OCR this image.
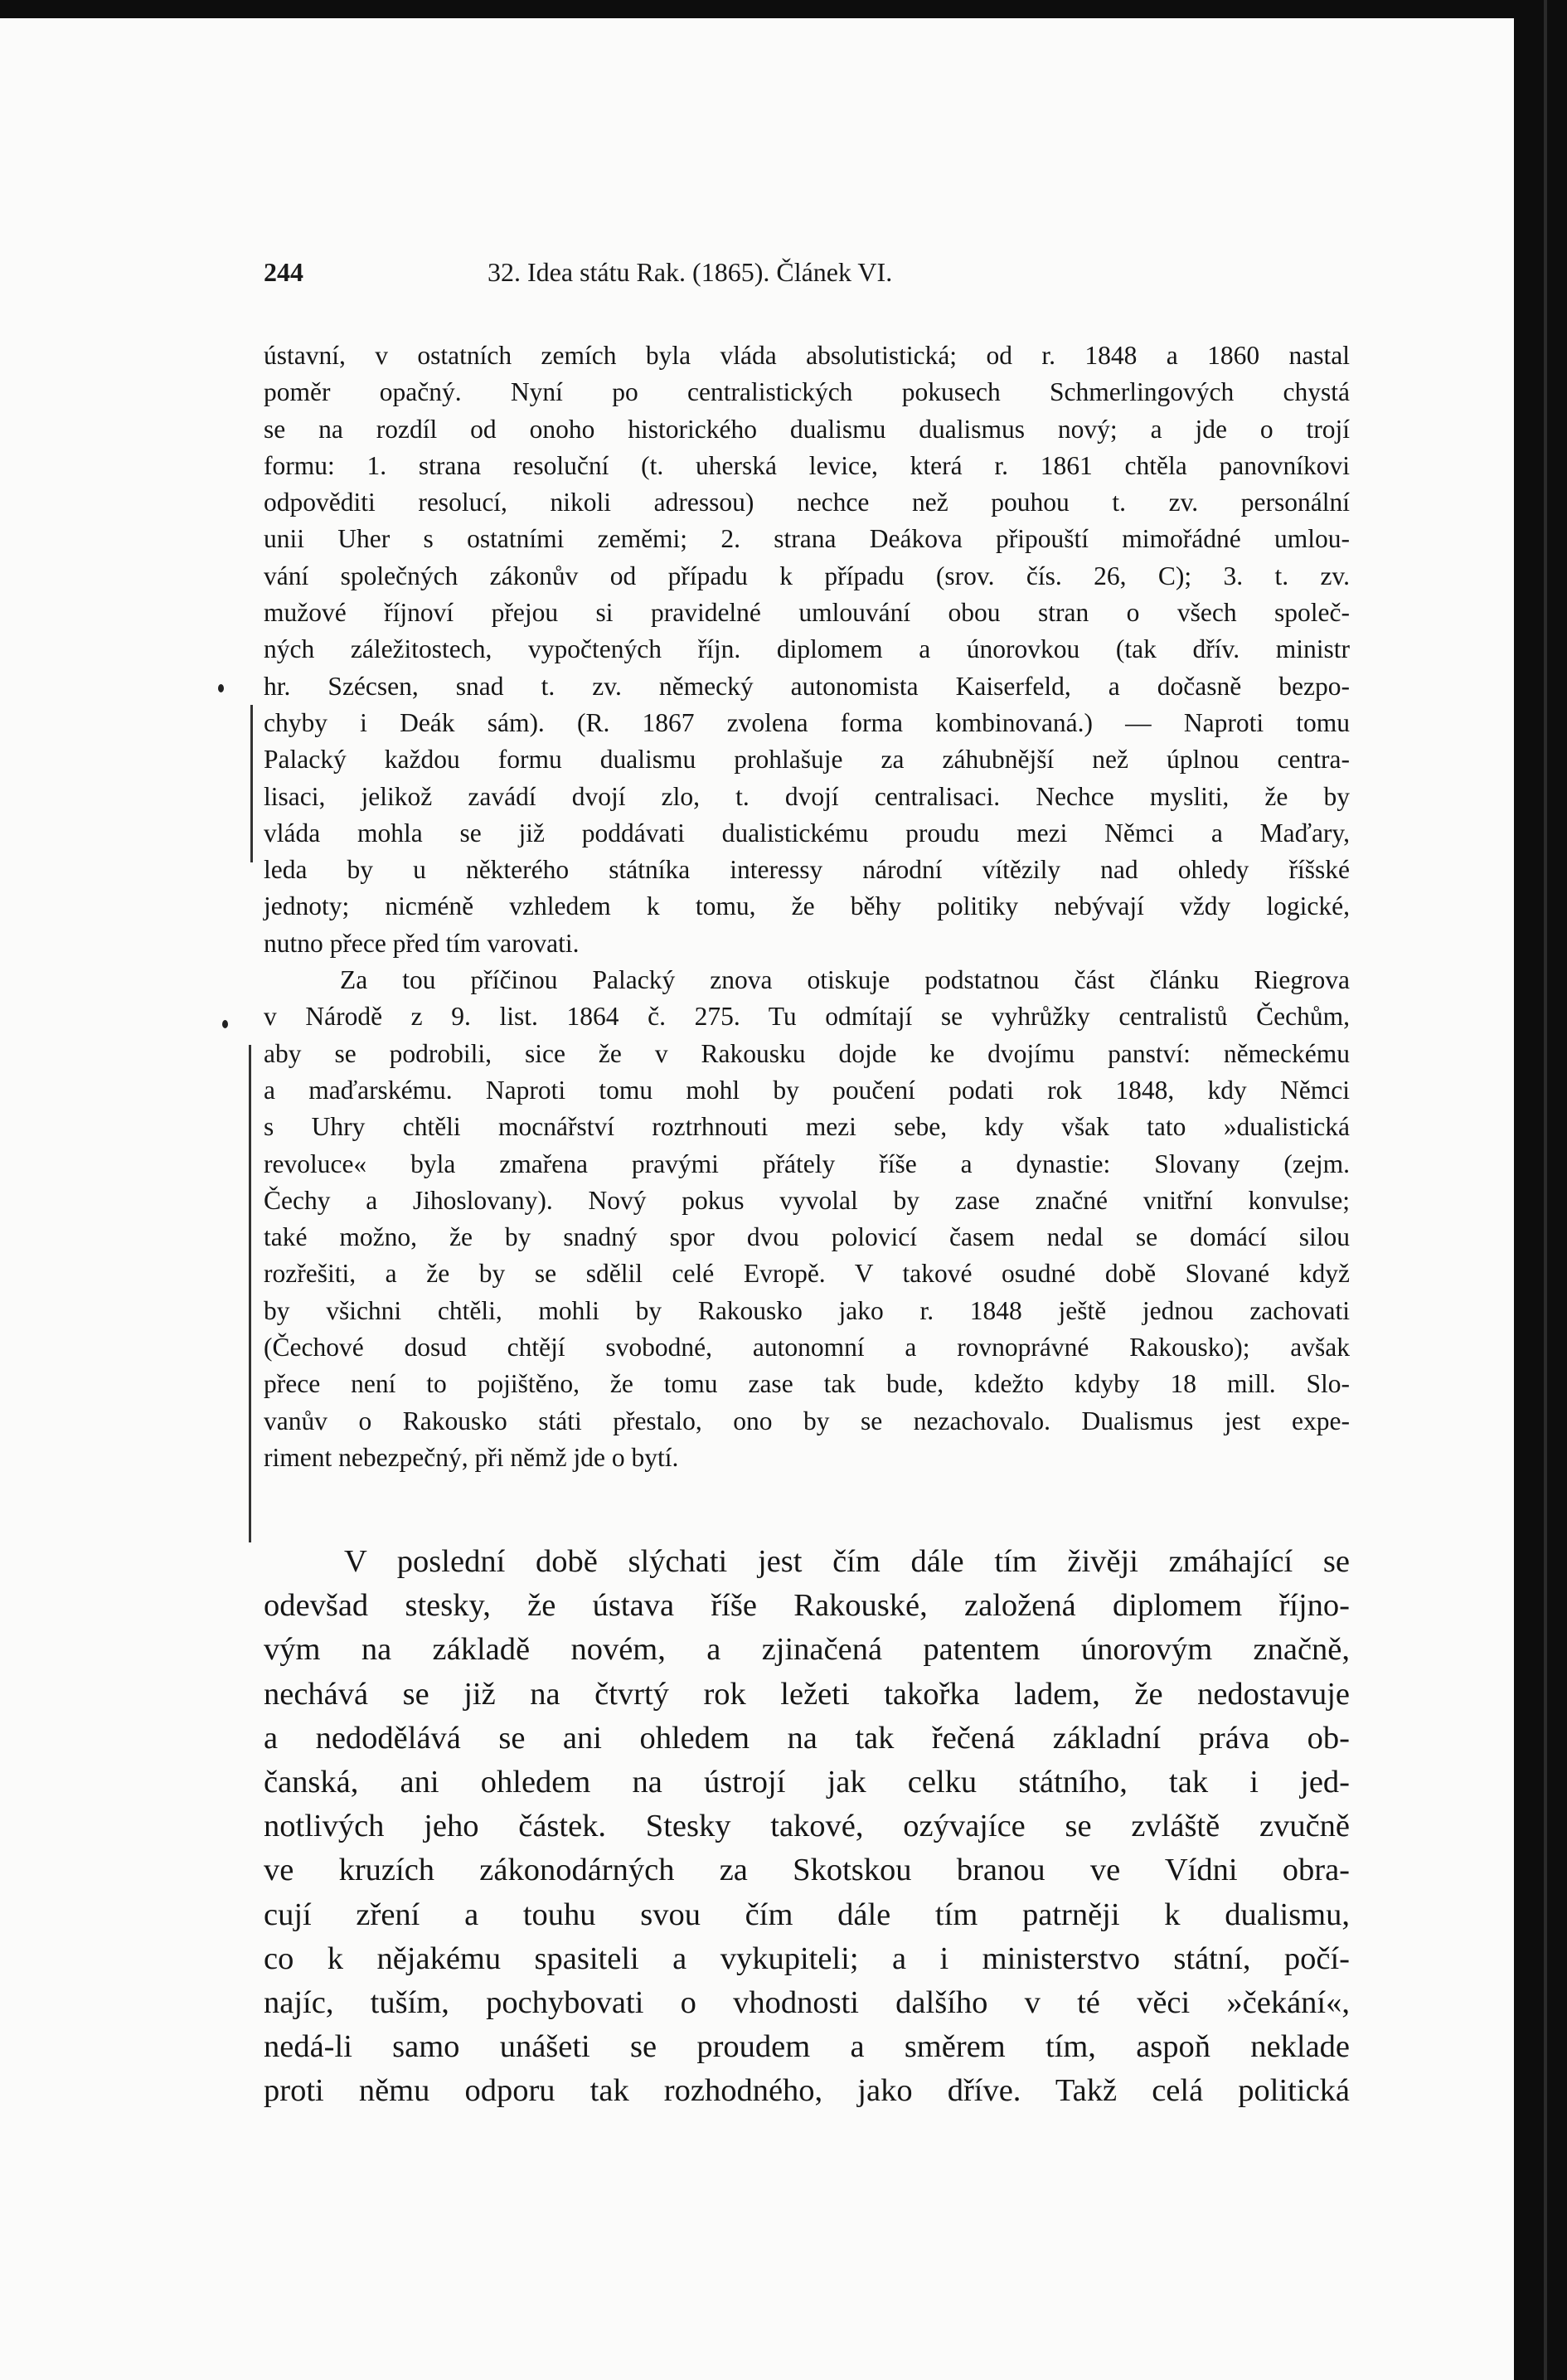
244	32. Idea státu Rak. (1865). Článek VI.
ústavní, v ostatních zemích byla vláda absolutistická; od r. 1848 a 1860 nastal
poměr opačný. Nyní po centralistických pokusech Schmerlingových chystá
se na rozdíl od onoho historického dualismu dualismus nový; a jde o trojí
formu: 1. strana resoluční (t. uherská levice, která r. 1861 chtěla panovníkovi
odpověditi resolucí, nikoli adressou) nechce než pouhou t. zv. personální
unii Uher s ostatními zeměmi; 2. strana Deákova připouští mimořádné umlou-
vání společných zákonův od případu k případu (srov. čís. 26, C); 3. t. zv.
mužové říjnoví přejou si pravidelné umlouvání obou stran o všech společ-
ných záležitostech, vypočtených říjn. diplomem a únorovkou (tak dřív. ministr
hr. Szécsen, snad t. zv. německý autonomista Kaiserfeld, a dočasně bezpo-
chyby i Deák sám). (R. 1867 zvolena forma kombinovaná.) — Naproti tomu
Palacký každou formu dualismu prohlašuje za záhubnější než úplnou centra-
lisaci, jelikož zavádí dvojí zlo, t. dvojí centralisaci. Nechce mysliti, že by
vláda mohla se již poddávati dualistickému proudu mezi Němci a Maďary,
leda by u některého státníka interessy národní vítězily nad ohledy říšské
jednoty; nicméně vzhledem k tomu, že běhy politiky nebývají vždy logické,
nutno přece před tím varovati.
Za tou příčinou Palacký znova otiskuje podstatnou část článku Riegrova
v Národě z 9. list. 1864 č. 275. Tu odmítají se vyhrůžky centralistů Čechům,
aby se podrobili, sice že v Rakousku dojde ke dvojímu panství: německému
a maďarskému. Naproti tomu mohl by poučení podati rok 1848, kdy Němci
s Uhry chtěli mocnářství roztrhnouti mezi sebe, kdy však tato »dualistická
revoluce« byla zmařena pravými přátely říše a dynastie: Slovany (zejm.
Čechy a Jihoslovany). Nový pokus vyvolal by zase značné vnitřní konvulse;
také možno, že by snadný spor dvou polovicí časem nedal se domácí silou
rozřešiti, a že by se sdělil celé Evropě. V takové osudné době Slované když
by všichni chtěli, mohli by Rakousko jako r. 1848 ještě jednou zachovati
(Čechové dosud chtějí svobodné, autonomní a rovnoprávné Rakousko); avšak
přece není to pojištěno, že tomu zase tak bude, kdežto kdyby 18 mill. Slo-
vanův o Rakousko státi přestalo, ono by se nezachovalo. Dualismus jest expe-
riment nebezpečný, při němž jde o bytí.
V poslední době slýchati jest čím dále tím živěji zmáhající se
odevšad stesky, že ústava říše Rakouské, založená diplomem říjno-
vým na základě novém, a zjinačená patentem únorovým značně,
nechává se již na čtvrtý rok ležeti takořka ladem, že nedostavuje
a nedodělává se ani ohledem na tak řečená základní práva ob-
čanská, ani ohledem na ústrojí jak celku státního, tak i jed-
notlivých jeho částek. Stesky takové, ozývajíce se zvláště zvučně
ve kruzích zákonodárných za Skotskou branou ve Vídni obra-
cují zření a touhu svou čím dále tím patrněji k dualismu,
co k nějakému spasiteli a vykupiteli; a i ministerstvo státní, počí-
najíc, tuším, pochybovati o vhodnosti dalšího v té věci »čekání«,
nedá-li samo unášeti se proudem a směrem tím, aspoň neklade
proti němu odporu tak rozhodného, jako dříve. Takž celá politická
